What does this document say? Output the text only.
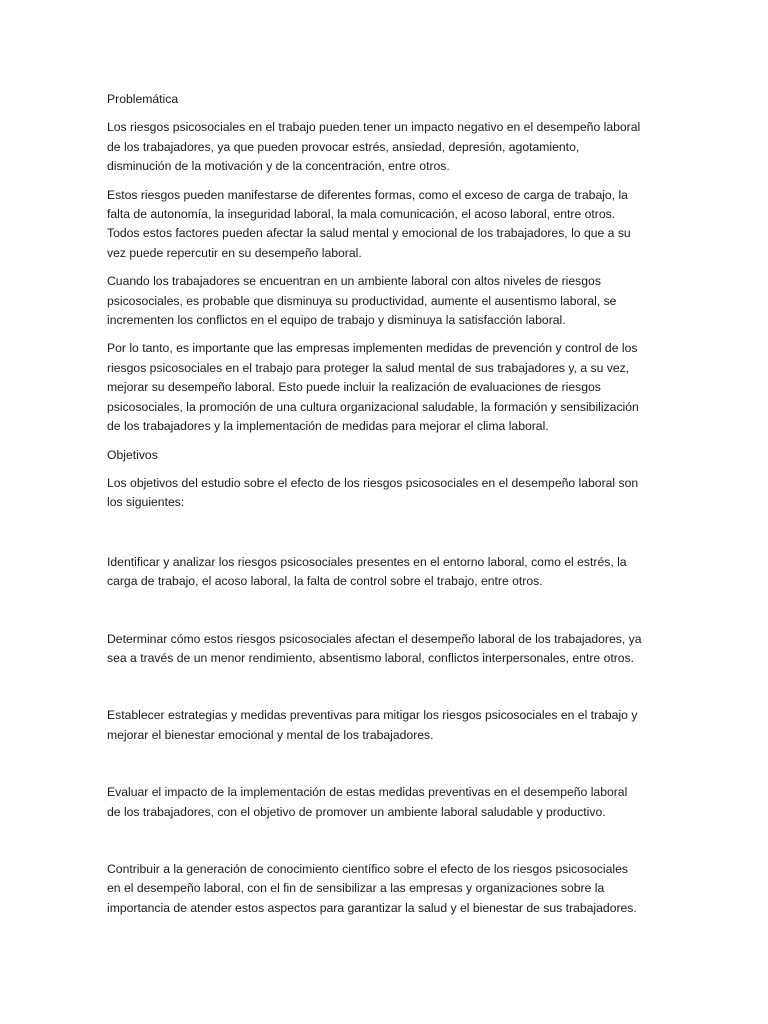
Problemática

Los riesgos psicosociales en el trabajo pueden tener un impacto negativo en el desempeño laboral
de los trabajadores, ya que pueden provocar estrés, ansiedad, depresión, agotamiento,
disminución de la motivación y de la concentración, entre otros.

Estos riesgos pueden manifestarse de diferentes formas, como el exceso de carga de trabajo, la
falta de autonomía, la inseguridad laboral, la mala comunicación, el acoso laboral, entre otros.
Todos estos factores pueden afectar la salud mental y emocional de los trabajadores, lo que a su
vez puede repercutir en su desempeño laboral.

Cuando los trabajadores se encuentran en un ambiente laboral con altos niveles de riesgos
psicosociales, es probable que disminuya su productividad, aumente el ausentismo laboral, se
incrementen los conflictos en el equipo de trabajo y disminuya la satisfacción laboral.

Por lo tanto, es importante que las empresas implementen medidas de prevención y control de los
riesgos psicosociales en el trabajo para proteger la salud mental de sus trabajadores y, a su vez,
mejorar su desempeño laboral. Esto puede incluir la realización de evaluaciones de riesgos
psicosociales, la promoción de una cultura organizacional saludable, la formación y sensibilización
de los trabajadores y la implementación de medidas para mejorar el clima laboral.

Objetivos

Los objetivos del estudio sobre el efecto de los riesgos psicosociales en el desempeño laboral son
los siguientes:

Identificar y analizar los riesgos psicosociales presentes en el entorno laboral, como el estrés, la
carga de trabajo, el acoso laboral, la falta de control sobre el trabajo, entre otros.

Determinar cómo estos riesgos psicosociales afectan el desempeño laboral de los trabajadores, ya
sea a través de un menor rendimiento, absentismo laboral, conflictos interpersonales, entre otros.

Establecer estrategias y medidas preventivas para mitigar los riesgos psicosociales en el trabajo y
mejorar el bienestar emocional y mental de los trabajadores.

Evaluar el impacto de la implementación de estas medidas preventivas en el desempeño laboral
de los trabajadores, con el objetivo de promover un ambiente laboral saludable y productivo.

Contribuir a la generación de conocimiento científico sobre el efecto de los riesgos psicosociales
en el desempeño laboral, con el fin de sensibilizar a las empresas y organizaciones sobre la
importancia de atender estos aspectos para garantizar la salud y el bienestar de sus trabajadores.
